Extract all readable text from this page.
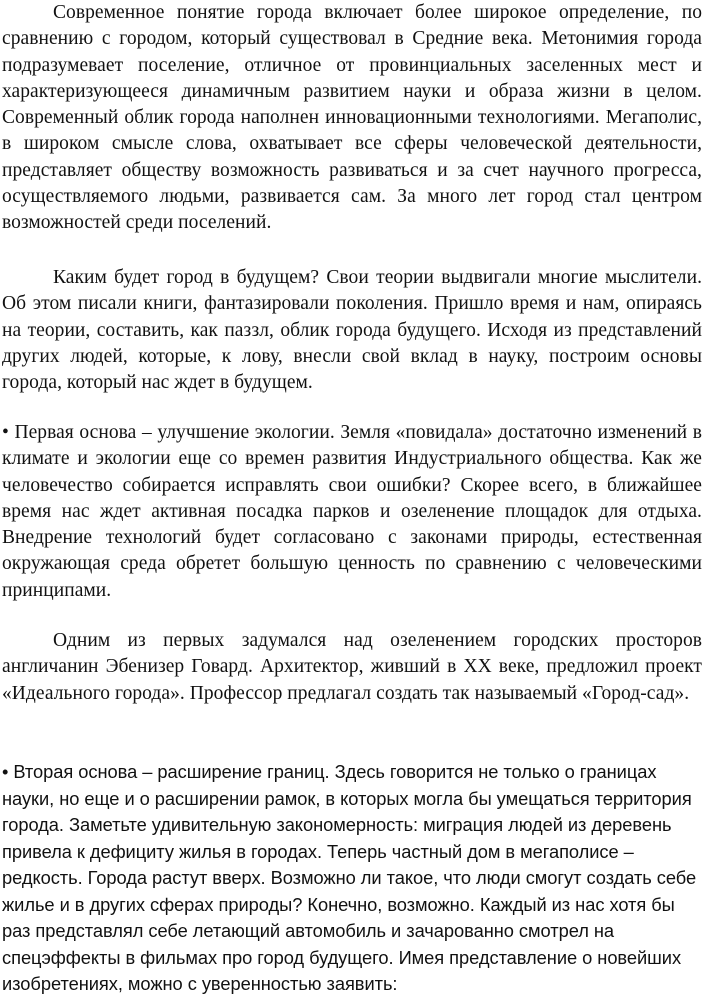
Современное понятие города включает более широкое определение, по сравнению с городом, который существовал в Средние века. Метонимия города подразумевает поселение, отличное от провинциальных заселенных мест и характеризующееся динамичным развитием науки и образа жизни в целом. Современный облик города наполнен инновационными технологиями. Мегаполис, в широком смысле слова, охватывает все сферы человеческой деятельности, представляет обществу возможность развиваться и за счет научного прогресса, осуществляемого людьми, развивается сам. За много лет город стал центром возможностей среди поселений.

Каким будет город в будущем? Свои теории выдвигали многие мыслители. Об этом писали книги, фантазировали поколения. Пришло время и нам, опираясь на теории, составить, как паззл, облик города будущего. Исходя из представлений других людей, которые, к лову, внесли свой вклад в науку, построим основы города, который нас ждет в будущем.

• Первая основа – улучшение экологии. Земля «повидала» достаточно изменений в климате и экологии еще со времен развития Индустриального общества. Как же человечество собирается исправлять свои ошибки? Скорее всего, в ближайшее время нас ждет активная посадка парков и озеленение площадок для отдыха. Внедрение технологий будет согласовано с законами природы, естественная окружающая среда обретет большую ценность по сравнению с человеческими принципами.

Одним из первых задумался над озеленением городских просторов англичанин Эбенизер Говард. Архитектор, живший в XX веке, предложил проект «Идеального города». Профессор предлагал создать так называемый «Город-сад».

• Вторая основа – расширение границ. Здесь говорится не только о границах науки, но еще и о расширении рамок, в которых могла бы умещаться территория города. Заметьте удивительную закономерность: миграция людей из деревень привела к дефициту жилья в городах. Теперь частный дом в мегаполисе – редкость. Города растут вверх. Возможно ли такое, что люди смогут создать себе жилье и в других сферах природы? Конечно, возможно. Каждый из нас хотя бы раз представлял себе летающий автомобиль и зачарованно смотрел на спецэффекты в фильмах про город будущего. Имея представление о новейших изобретениях, можно с уверенностью заявить:
